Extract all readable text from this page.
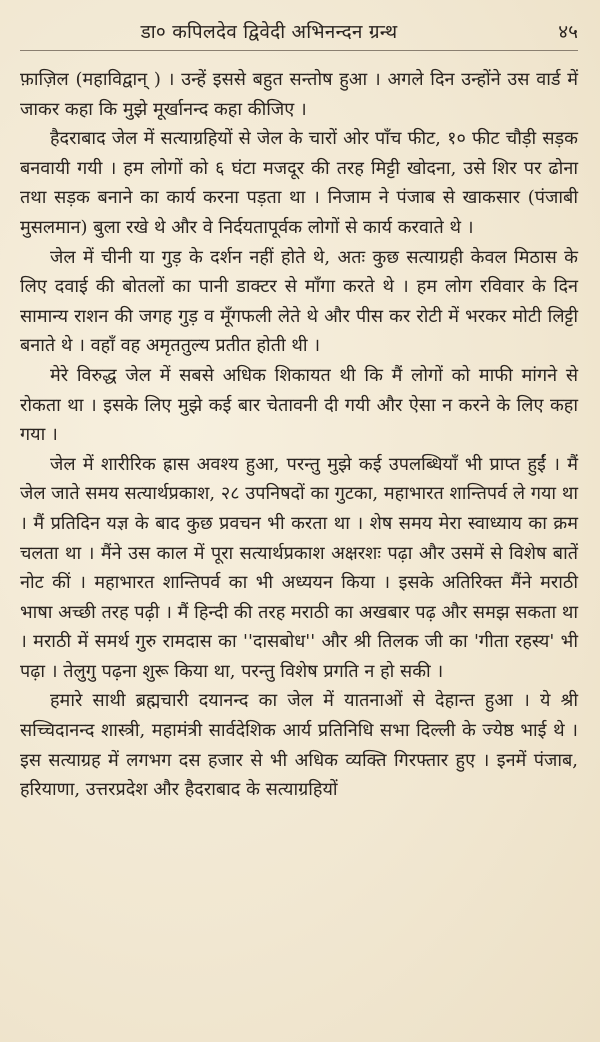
डा० कपिलदेव द्विवेदी अभिनन्दन ग्रन्थ	४५

फ़ाज़िल (महाविद्वान् ) । उन्हें इससे बहुत सन्तोष हुआ । अगले दिन उन्होंने उस वार्ड में जाकर कहा कि मुझे मूर्खानन्द कहा कीजिए ।

हैदराबाद जेल में सत्याग्रहियों से जेल के चारों ओर पाँच फीट, १० फीट चौड़ी सड़क बनवायी गयी । हम लोगों को ६ घंटा मजदूर की तरह मिट्टी खोदना, उसे शिर पर ढोना तथा सड़क बनाने का कार्य करना पड़ता था । निजाम ने पंजाब से खाकसार (पंजाबी मुसलमान) बुला रखे थे और वे निर्दयतापूर्वक लोगों से कार्य करवाते थे ।

जेल में चीनी या गुड़ के दर्शन नहीं होते थे, अतः कुछ सत्याग्रही केवल मिठास के लिए दवाई की बोतलों का पानी डाक्टर से माँगा करते थे । हम लोग रविवार के दिन सामान्य राशन की जगह गुड़ व मूँगफली लेते थे और पीस कर रोटी में भरकर मोटी लिट्टी बनाते थे । वहाँ वह अमृततुल्य प्रतीत होती थी ।

मेरे विरुद्ध जेल में सबसे अधिक शिकायत थी कि मैं लोगों को माफी मांगने से रोकता था । इसके लिए मुझे कई बार चेतावनी दी गयी और ऐसा न करने के लिए कहा गया ।

जेल में शारीरिक ह्रास अवश्य हुआ, परन्तु मुझे कई उपलब्धियाँ भी प्राप्त हुईं । मैं जेल जाते समय सत्यार्थप्रकाश, २८ उपनिषदों का गुटका, महाभारत शान्तिपर्व ले गया था । मैं प्रतिदिन यज्ञ के बाद कुछ प्रवचन भी करता था । शेष समय मेरा स्वाध्याय का क्रम चलता था । मैंने उस काल में पूरा सत्यार्थप्रकाश अक्षरशः पढ़ा और उसमें से विशेष बातें नोट कीं । महाभारत शान्तिपर्व का भी अध्ययन किया । इसके अतिरिक्त मैंने मराठी भाषा अच्छी तरह पढ़ी । मैं हिन्दी की तरह मराठी का अखबार पढ़ और समझ सकता था । मराठी में समर्थ गुरु रामदास का ''दासबोध'' और श्री तिलक जी का 'गीता रहस्य' भी पढ़ा । तेलुगु पढ़ना शुरू किया था, परन्तु विशेष प्रगति न हो सकी ।

हमारे साथी ब्रह्मचारी दयानन्द का जेल में यातनाओं से देहान्त हुआ । ये श्री सच्चिदानन्द शास्त्री, महामंत्री सार्वदेशिक आर्य प्रतिनिधि सभा दिल्ली के ज्येष्ठ भाई थे । इस सत्याग्रह में लगभग दस हजार से भी अधिक व्यक्ति गिरफ्तार हुए । इनमें पंजाब, हरियाणा, उत्तरप्रदेश और हैदराबाद के सत्याग्रहियों
